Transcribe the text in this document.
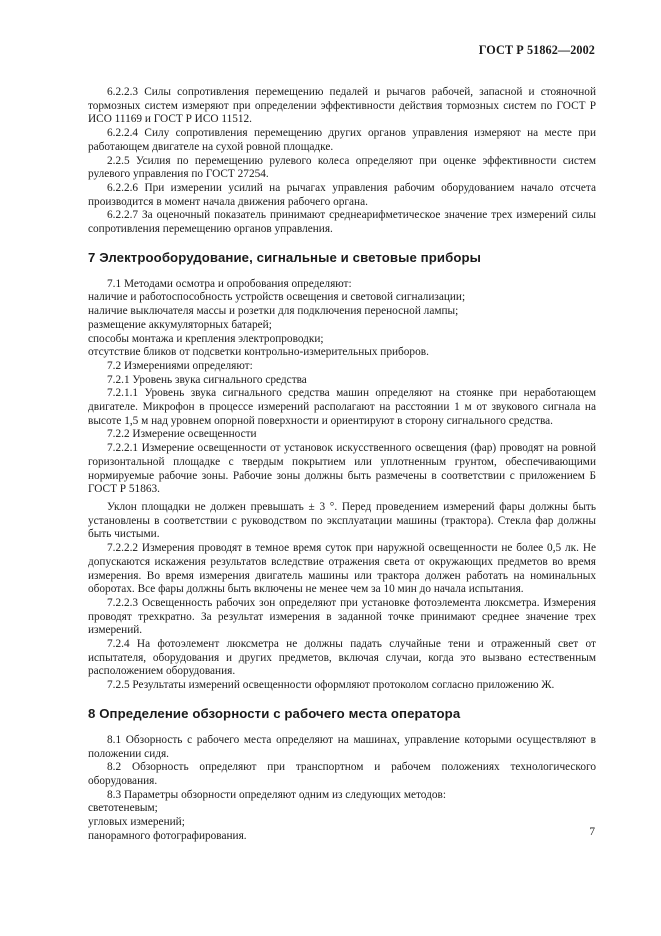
ГОСТ Р 51862—2002

6.2.2.3 Силы сопротивления перемещению педалей и рычагов рабочей, запасной и стояночной тормозных систем измеряют при определении эффективности действия тормозных систем по ГОСТ Р ИСО 11169 и ГОСТ Р ИСО 11512.

6.2.2.4 Силу сопротивления перемещению других органов управления измеряют на месте при работающем двигателе на сухой ровной площадке.

2.2.5 Усилия по перемещению рулевого колеса определяют при оценке эффективности систем рулевого управления по ГОСТ 27254.

6.2.2.6 При измерении усилий на рычагах управления рабочим оборудованием начало отсчета производится в момент начала движения рабочего органа.

6.2.2.7 За оценочный показатель принимают среднеарифметическое значение трех измерений силы сопротивления перемещению органов управления.

7 Электрооборудование, сигнальные и световые приборы

7.1 Методами осмотра и опробования определяют:

наличие и работоспособность устройств освещения и световой сигнализации;

наличие выключателя массы и розетки для подключения переносной лампы;

размещение аккумуляторных батарей;

способы монтажа и крепления электропроводки;

отсутствие бликов от подсветки контрольно-измерительных приборов.

7.2 Измерениями определяют:

7.2.1 Уровень звука сигнального средства

7.2.1.1 Уровень звука сигнального средства машин определяют на стоянке при неработающем двигателе. Микрофон в процессе измерений располагают на расстоянии 1 м от звукового сигнала на высоте 1,5 м над уровнем опорной поверхности и ориентируют в сторону сигнального средства.

7.2.2 Измерение освещенности

7.2.2.1 Измерение освещенности от установок искусственного освещения (фар) проводят на ровной горизонтальной площадке с твердым покрытием или уплотненным грунтом, обеспечивающими нормируемые рабочие зоны. Рабочие зоны должны быть размечены в соответствии с приложением Б ГОСТ Р 51863.

Уклон площадки не должен превышать ± 3 °. Перед проведением измерений фары должны быть установлены в соответствии с руководством по эксплуатации машины (трактора). Стекла фар должны быть чистыми.

7.2.2.2 Измерения проводят в темное время суток при наружной освещенности не более 0,5 лк. Не допускаются искажения результатов вследствие отражения света от окружающих предметов во время измерения. Во время измерения двигатель машины или трактора должен работать на номинальных оборотах. Все фары должны быть включены не менее чем за 10 мин до начала испытания.

7.2.2.3 Освещенность рабочих зон определяют при установке фотоэлемента люксметра. Измерения проводят трехкратно. За результат измерения в заданной точке принимают среднее значение трех измерений.

7.2.4 На фотоэлемент люксметра не должны падать случайные тени и отраженный свет от испытателя, оборудования и других предметов, включая случаи, когда это вызвано естественным расположением оборудования.

7.2.5 Результаты измерений освещенности оформляют протоколом согласно приложению Ж.

8 Определение обзорности с рабочего места оператора

8.1 Обзорность с рабочего места определяют на машинах, управление которыми осуществляют в положении сидя.

8.2 Обзорность определяют при транспортном и рабочем положениях технологического оборудования.

8.3 Параметры обзорности определяют одним из следующих методов:

светотеневым;

угловых измерений;

панорамного фотографирования.	7
